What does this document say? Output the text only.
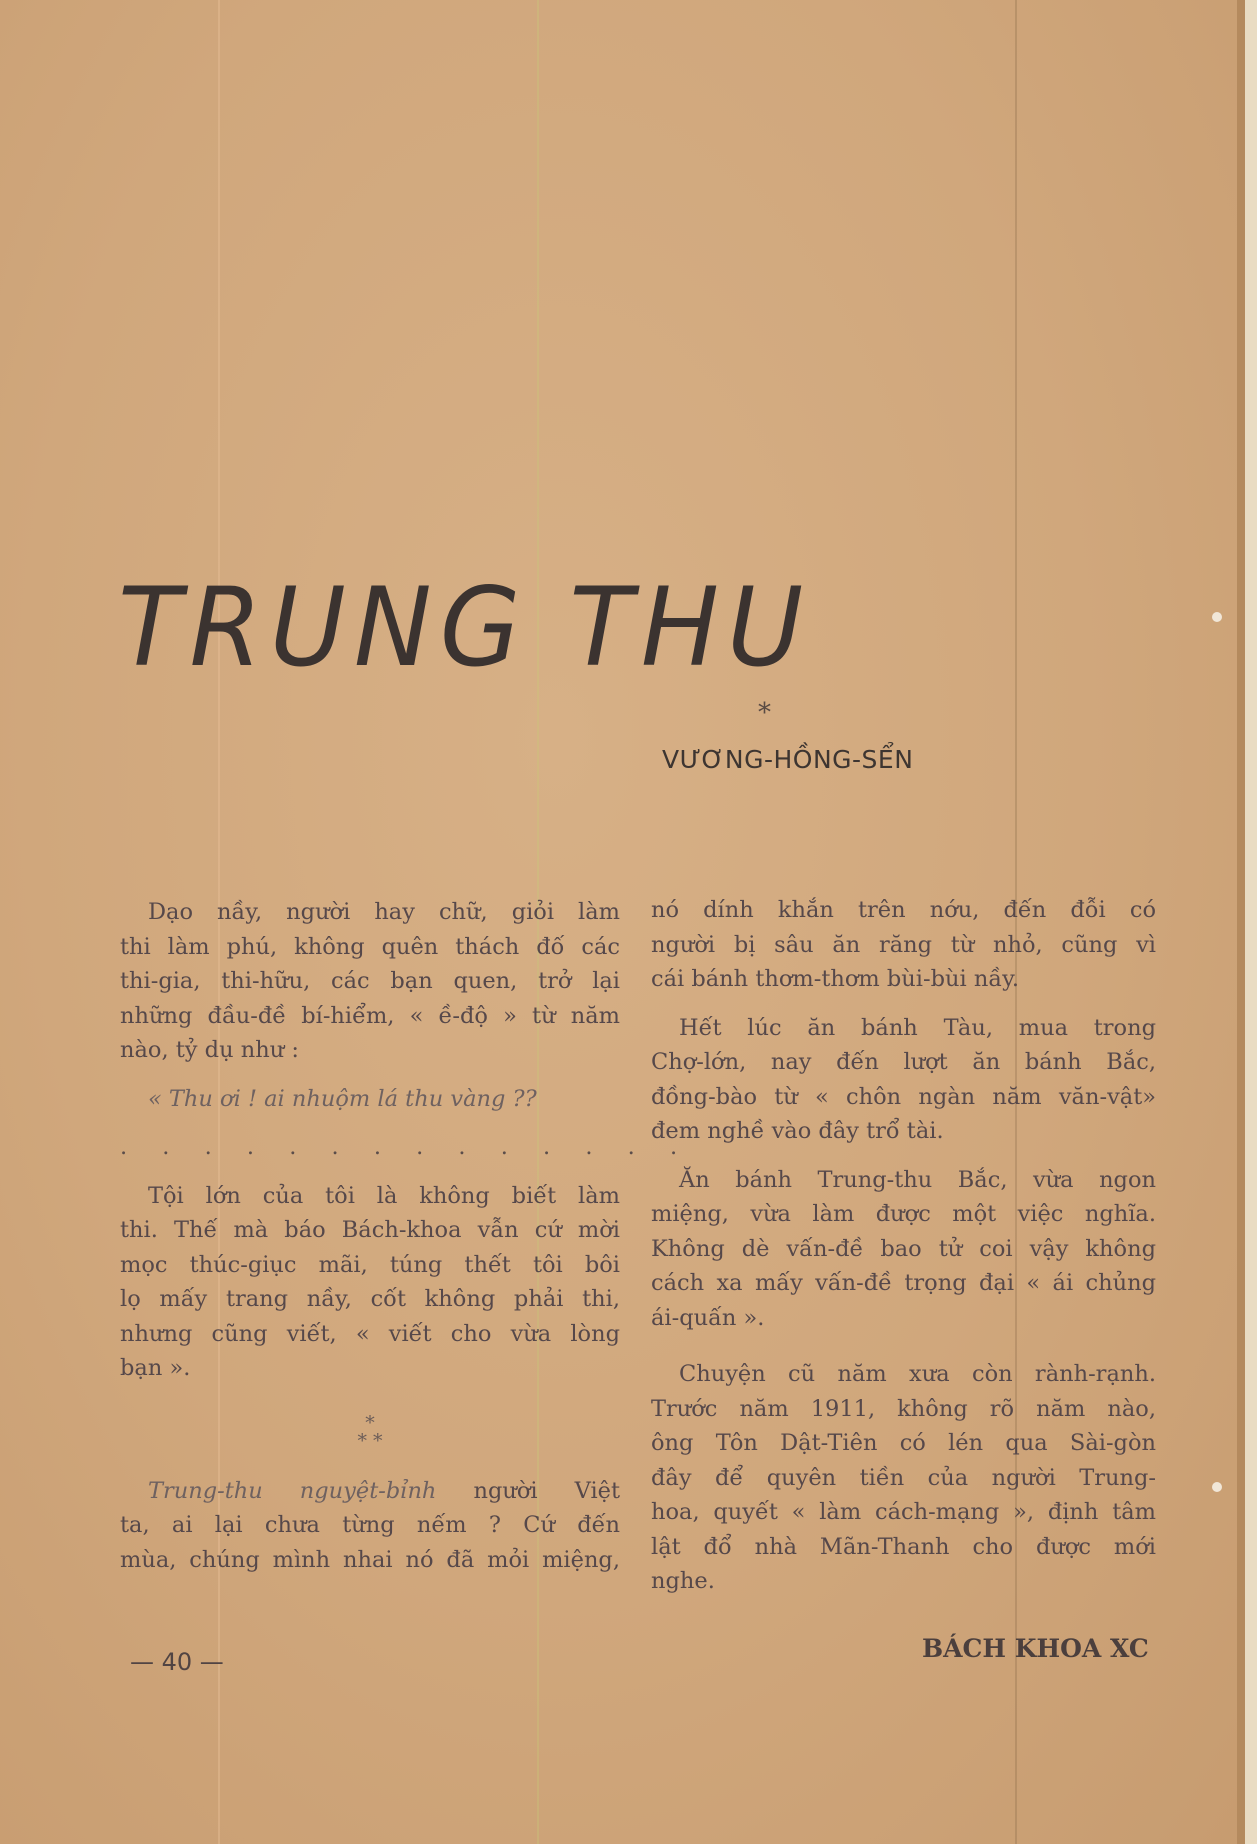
TRUNG THU
*
VƯƠNG-HỒNG-SỂN

Dạo nầy, người hay chữ, giỏi làm

thi làm phú, không quên thách đố các

thi-gia, thi-hữu, các bạn quen, trở lại

những đầu-đề bí-hiểm, « ề-độ » từ năm

nào, tỷ dụ như :

« Thu ơi ! ai nhuộm lá thu vàng ??

. . . . . . . . . . . . . .

Tội lớn của tôi là không biết làm

thi. Thế mà báo Bách-khoa vẫn cứ mời

mọc thúc-giục mãi, túng thết tôi bôi

lọ mấy trang nầy, cốt không phải thi,

nhưng cũng viết, « viết cho vừa lòng

bạn ».

*
* *

Trung-thu nguyệt-bỉnh người Việt

ta, ai lại chưa từng nếm ? Cứ đến

mùa, chúng mình nhai nó đã mỏi miệng,

nó dính khắn trên nớu, đến đỗi có

người bị sâu ăn răng từ nhỏ, cũng vì

cái bánh thơm-thơm bùi-bùi nầy.

Hết lúc ăn bánh Tàu, mua trong

Chợ-lớn, nay đến lượt ăn bánh Bắc,

đồng-bào từ « chôn ngàn năm văn-vật»

đem nghề vào đây trổ tài.

Ăn bánh Trung-thu Bắc, vừa ngon

miệng, vừa làm được một việc nghĩa.

Không dè vấn-đề bao tử coi vậy không

cách xa mấy vấn-đề trọng đại « ái chủng

ái-quấn ».

Chuyện cũ năm xưa còn rành-rạnh.

Trước năm 1911, không rõ năm nào,

ông Tôn Dật-Tiên có lén qua Sài-gòn

đây để quyên tiền của người Trung-

hoa, quyết « làm cách-mạng », định tâm

lật đổ nhà Mãn-Thanh cho được mới

nghe.

— 40 —	BÁCH KHOA XC
